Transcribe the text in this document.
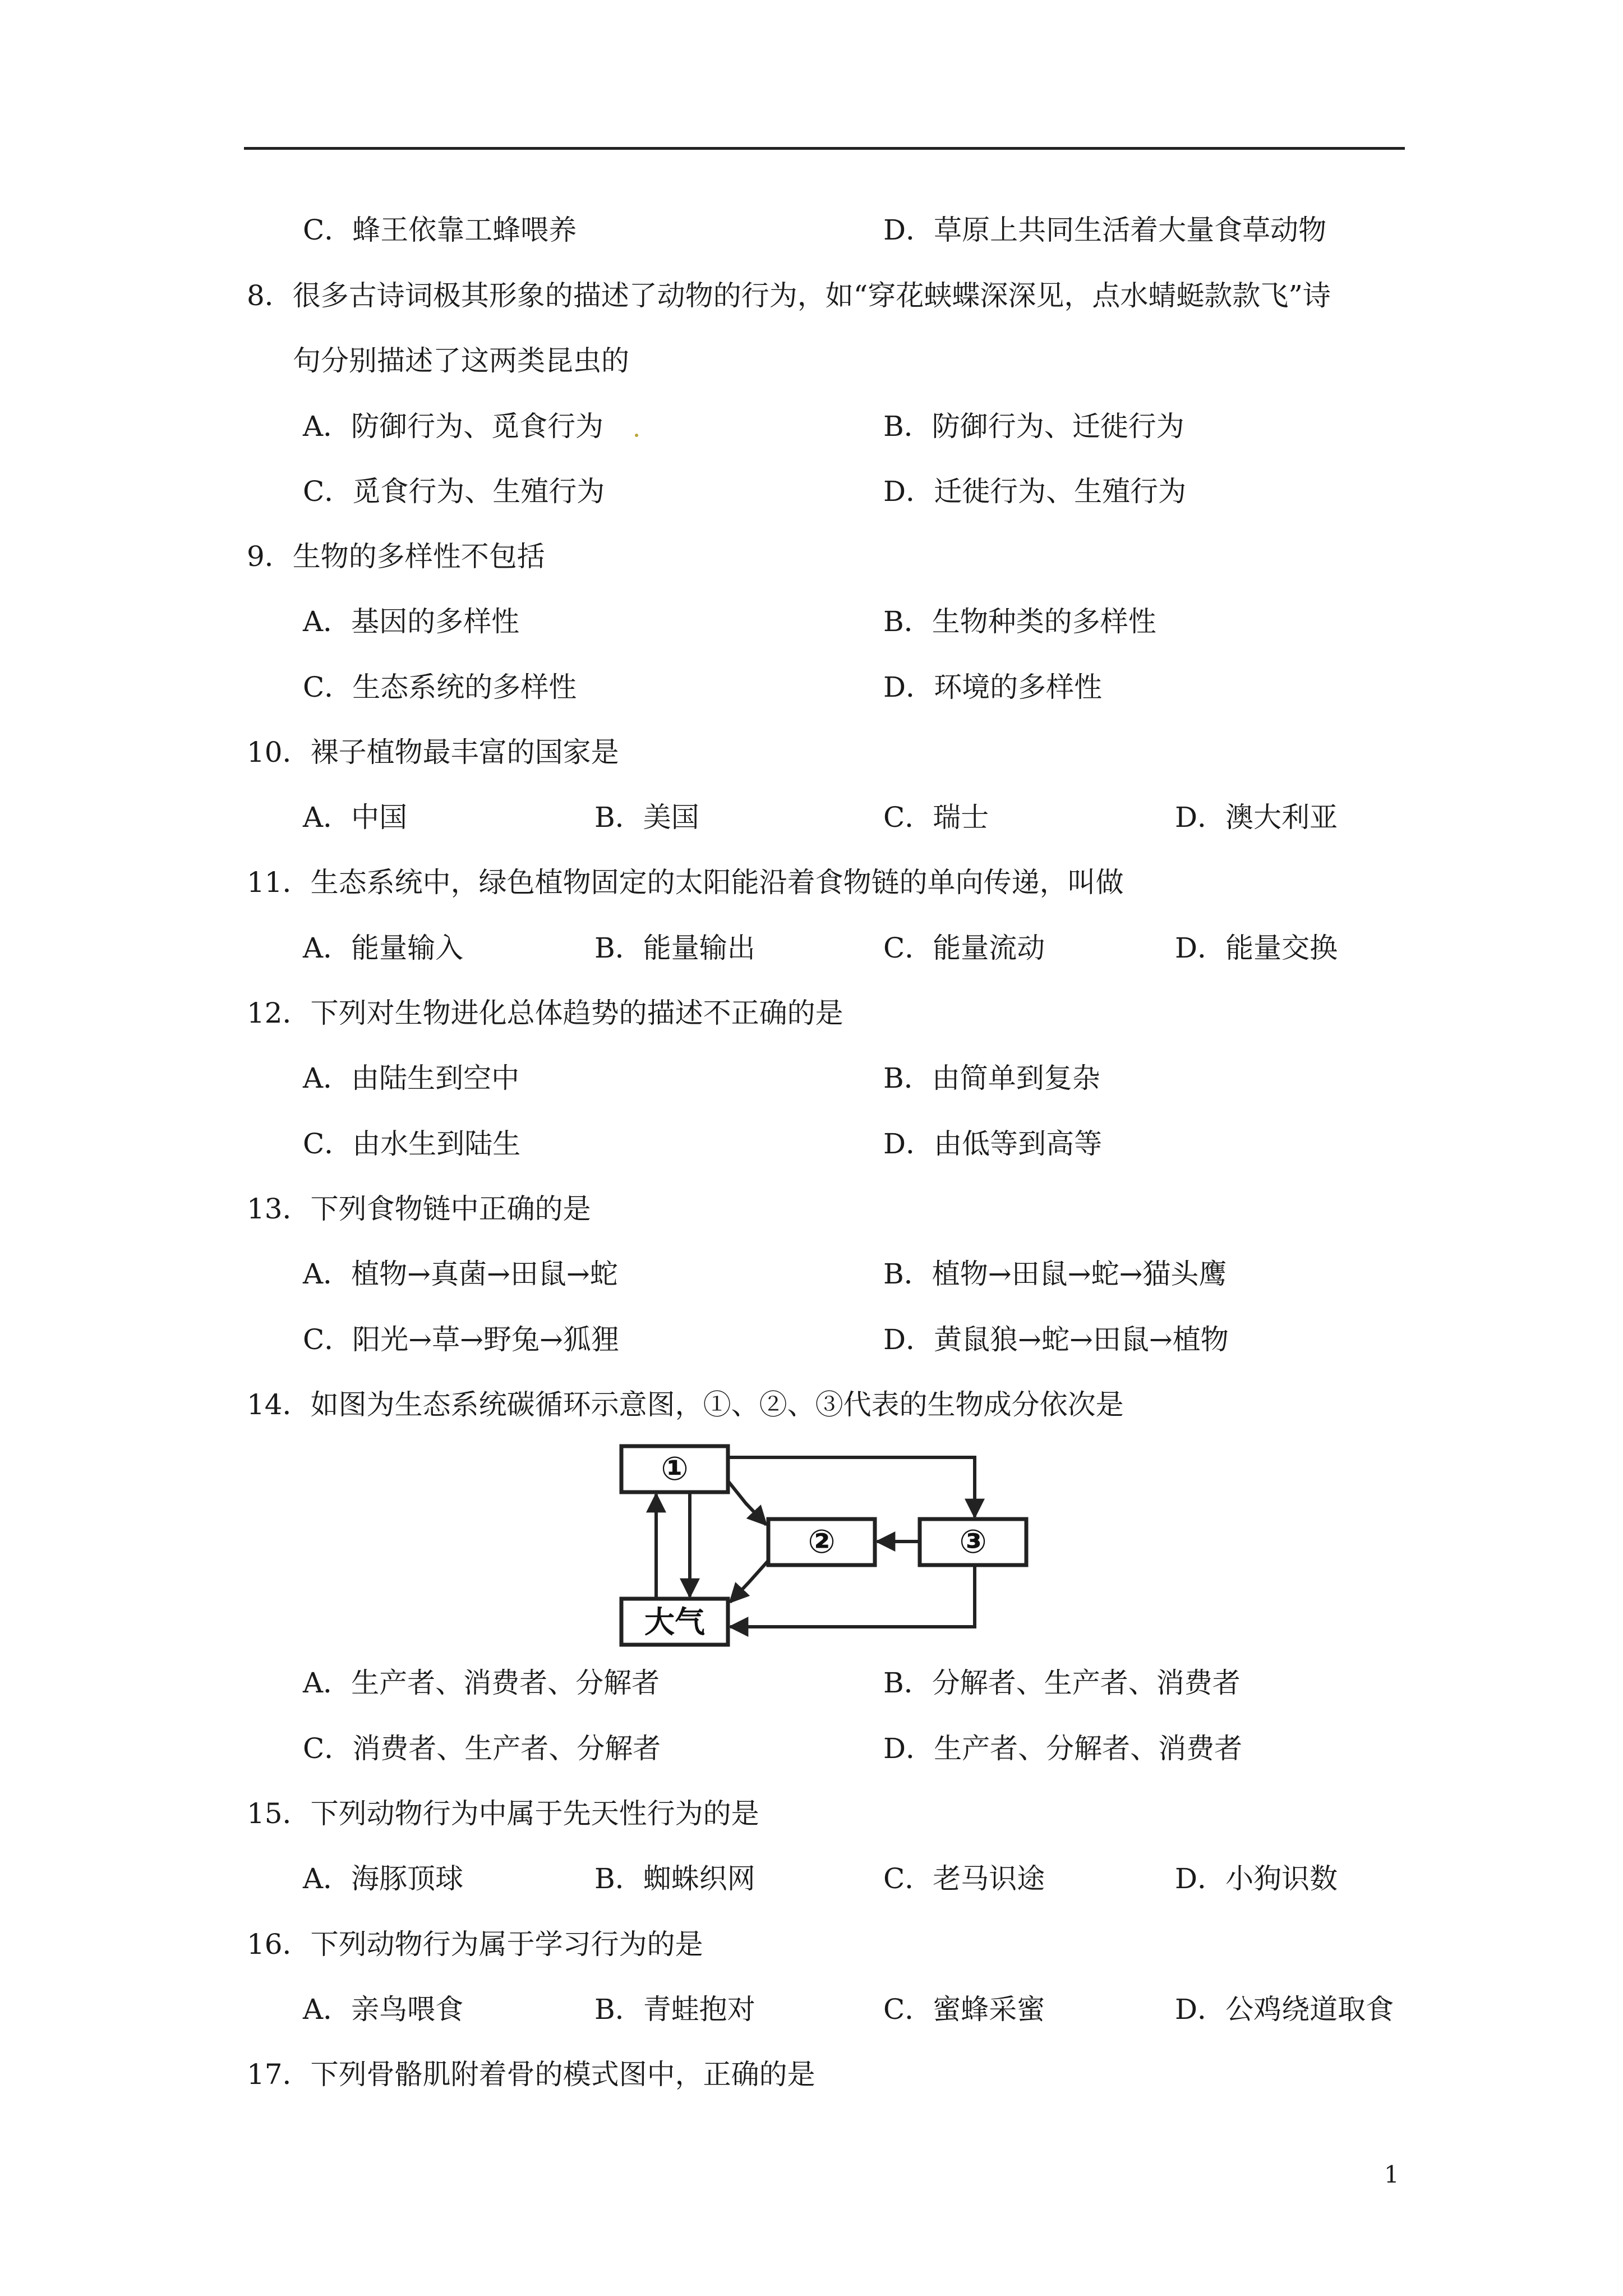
C．蜂王依靠工蜂喂养	D．草原上共同生活着大量食草动物
8．很多古诗词极其形象的描述了动物的行为，如“穿花蛱蝶深深见，点水蜻蜓款款飞”诗
句分别描述了这两类昆虫的
A．防御行为、觅食行为	B．防御行为、迁徙行为
C．觅食行为、生殖行为	D．迁徙行为、生殖行为
9．生物的多样性不包括
A．基因的多样性	B．生物种类的多样性
C．生态系统的多样性	D．环境的多样性
10．裸子植物最丰富的国家是
A．中国	B．美国	C．瑞士	D．澳大利亚
11．生态系统中，绿色植物固定的太阳能沿着食物链的单向传递，叫做
A．能量输入	B．能量输出	C．能量流动	D．能量交换
12．下列对生物进化总体趋势的描述不正确的是
A．由陆生到空中	B．由简单到复杂
C．由水生到陆生	D．由低等到高等
13．下列食物链中正确的是
A．植物→真菌→田鼠→蛇	B．植物→田鼠→蛇→猫头鹰
C．阳光→草→野兔→狐狸	D．黄鼠狼→蛇→田鼠→植物
14．如图为生态系统碳循环示意图，①、②、③代表的生物成分依次是
①
②	③
大气
A．生产者、消费者、分解者	B．分解者、生产者、消费者
C．消费者、生产者、分解者	D．生产者、分解者、消费者
15．下列动物行为中属于先天性行为的是
A．海豚顶球	B．蜘蛛织网	C．老马识途	D．小狗识数
16．下列动物行为属于学习行为的是
A．亲鸟喂食	B．青蛙抱对	C．蜜蜂采蜜	D．公鸡绕道取食
17．下列骨骼肌附着骨的模式图中，正确的是
1
